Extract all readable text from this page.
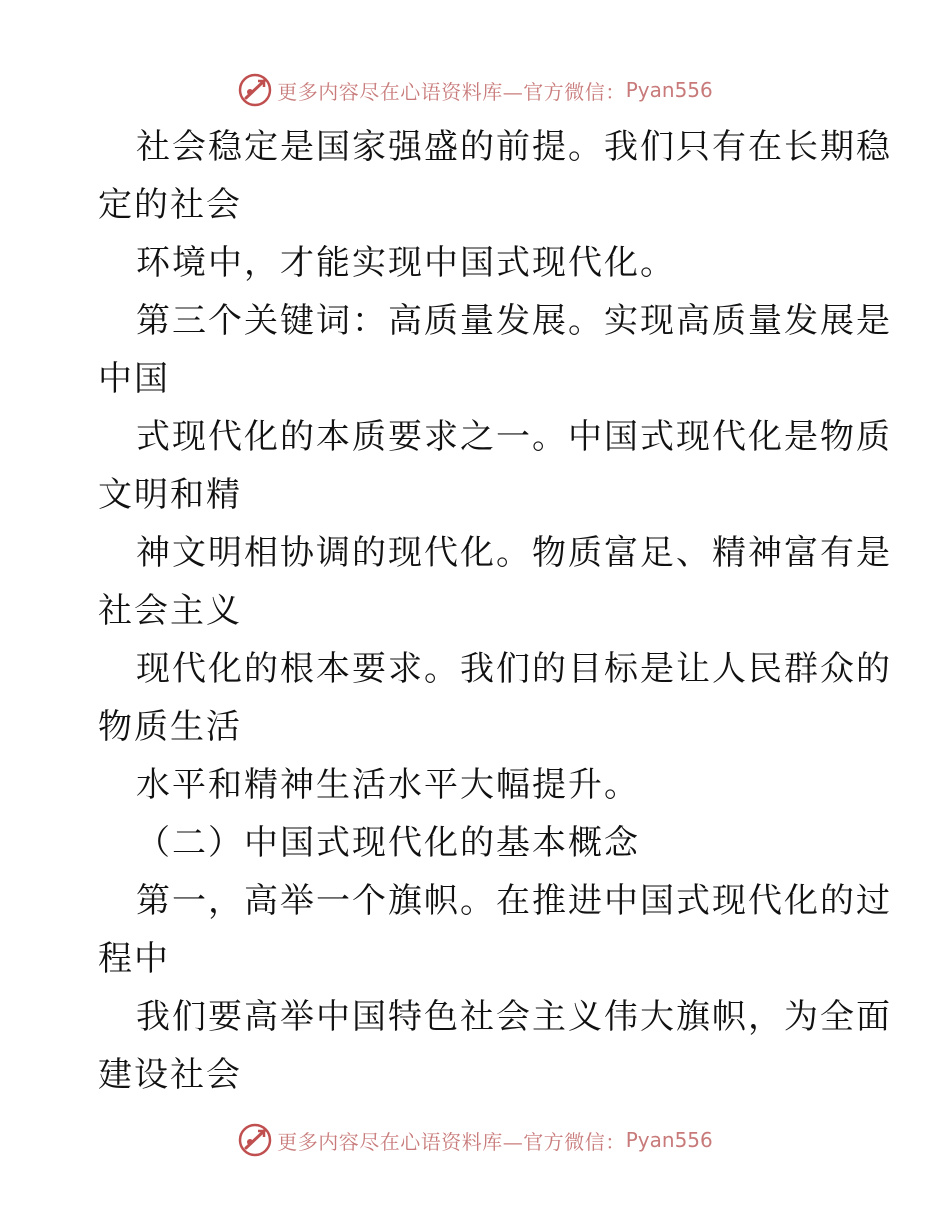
更多内容尽在心语资料库—官方微信： Pyan556
社会稳定是国家强盛的前提。我们只有在长期稳
定的社会
环境中，才能实现中国式现代化。
第三个关键词：高质量发展。实现高质量发展是
中国
式现代化的本质要求之一。中国式现代化是物质
文明和精
神文明相协调的现代化。物质富足、精神富有是
社会主义
现代化的根本要求。我们的目标是让人民群众的
物质生活
水平和精神生活水平大幅提升。
（二）中国式现代化的基本概念
第一，高举一个旗帜。在推进中国式现代化的过
程中
我们要高举中国特色社会主义伟大旗帜，为全面
建设社会
更多内容尽在心语资料库—官方微信： Pyan556
